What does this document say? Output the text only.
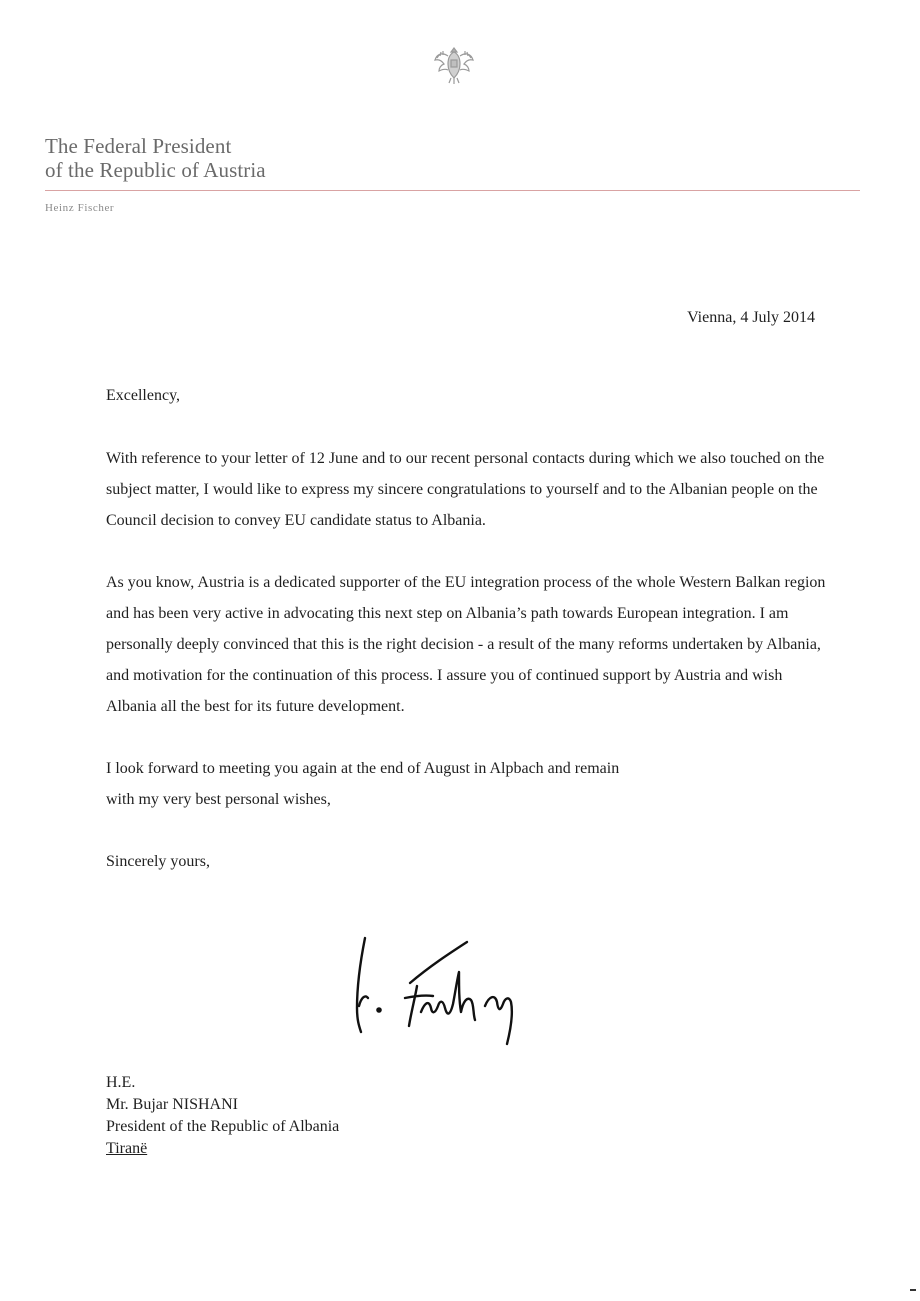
The Federal President
of the Republic of Austria
Heinz Fischer
Vienna, 4 July 2014

Excellency,

With reference to your letter of 12 June and to our recent personal contacts during which we also touched on the subject matter, I would like to express my sincere congratulations to yourself and to the Albanian people on the Council decision to convey EU candidate status to Albania.

As you know, Austria is a dedicated supporter of the EU integration process of the whole Western Balkan region and has been very active in advocating this next step on Albania’s path towards European integration. I am personally deeply convinced that this is the right decision - a result of the many reforms undertaken by Albania, and motivation for the continuation of this process. I assure you of continued support by Austria and wish Albania all the best for its future development.

I look forward to meeting you again at the end of August in Alpbach and remain
with my very best personal wishes,

Sincerely yours,

H.E.
Mr. Bujar NISHANI
President of the Republic of Albania
Tiranë
